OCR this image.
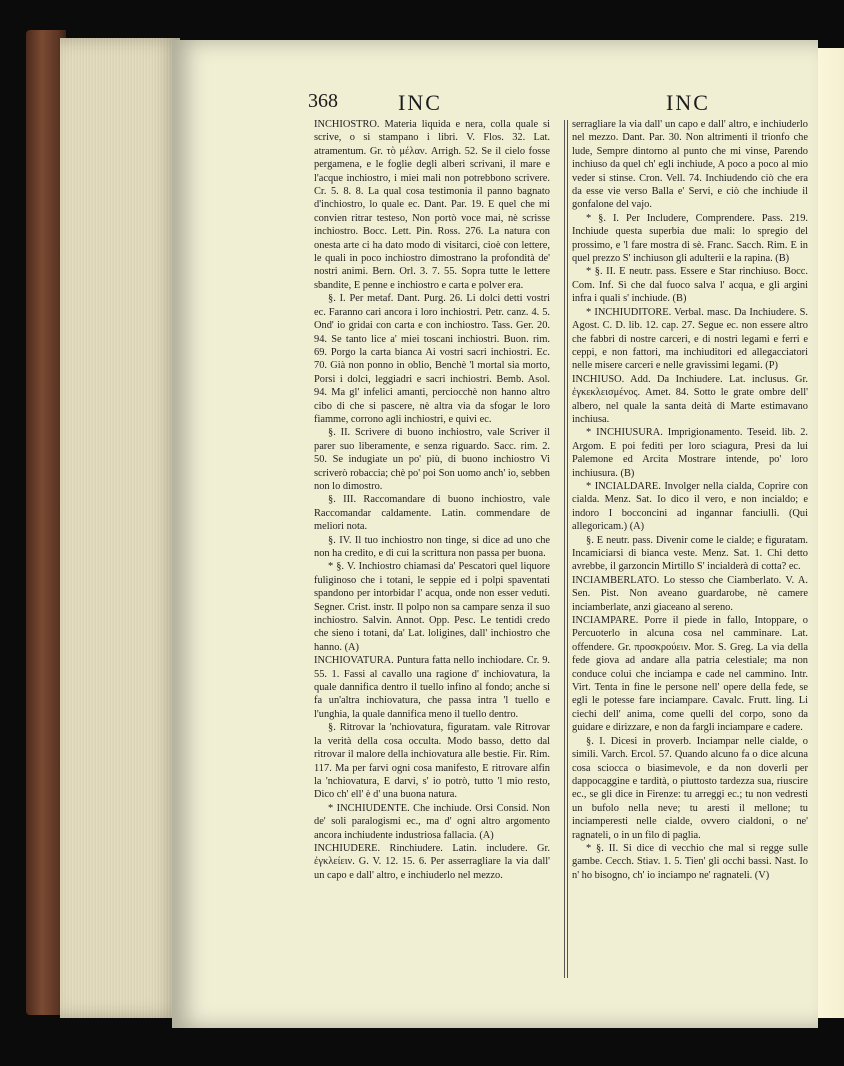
368	INC	INC

INCHIOSTRO. Materia liquida e nera, colla quale si scrive, o si stampano i libri. V. Flos. 32. Lat. atramentum. Gr. τὸ μέλαν. Arrigh. 52. Se il cielo fosse pergamena, e le foglie degli alberi scrivani, il mare e l'acque inchiostro, i miei mali non potrebbono scrivere. Cr. 5. 8. 8. La qual cosa testimonia il panno bagnato d'inchiostro, lo quale ec. Dant. Par. 19. E quel che mi convien ritrar testeso, Non portò voce mai, nè scrisse inchiostro. Bocc. Lett. Pin. Ross. 276. La natura con onesta arte ci ha dato modo di visitarci, cioè con lettere, le quali in poco inchiostro dimostrano la profondità de' nostri animi. Bern. Orl. 3. 7. 55. Sopra tutte le lettere sbandite, E penne e inchiostro e carta e polver era.

§. I. Per metaf. Dant. Purg. 26. Li dolci detti vostri ec. Faranno cari ancora i loro inchiostri. Petr. canz. 4. 5. Ond' io gridai con carta e con inchiostro. Tass. Ger. 20. 94. Se tanto lice a' miei toscani inchiostri. Buon. rim. 69. Porgo la carta bianca Ai vostri sacri inchiostri. Ec. 70. Già non ponno in oblio, Benchè 'l mortal sia morto, Porsi i dolci, leggiadri e sacri inchiostri. Bemb. Asol. 94. Ma gl' infelici amanti, perciocchè non hanno altro cibo di che si pascere, nè altra via da sfogar le loro fiamme, corrono agli inchiostri, e quivi ec.

§. II. Scrivere di buono inchiostro, vale Scriver il parer suo liberamente, e senza riguardo. Sacc. rim. 2. 50. Se indugiate un po' più, di buono inchiostro Vi scriverò robaccia; chè po' poi Son uomo anch' io, sebben non lo dimostro.

§. III. Raccomandare di buono inchiostro, vale Raccomandar caldamente. Latin. commendare de meliori nota.

§. IV. Il tuo inchiostro non tinge, si dice ad uno che non ha credito, e di cui la scrittura non passa per buona.

* §. V. Inchiostro chiamasi da' Pescatori quel liquore fuliginoso che i totani, le seppie ed i polpi spaventati spandono per intorbidar l' acqua, onde non esser veduti. Segner. Crist. instr. Il polpo non sa campare senza il suo inchiostro. Salvin. Annot. Opp. Pesc. Le tentidi credo che sieno i totani, da' Lat. loligines, dall' inchiostro che hanno. (A)

INCHIOVATURA. Puntura fatta nello inchiodare. Cr. 9. 55. 1. Fassi al cavallo una ragione d' inchiovatura, la quale dannifica dentro il tuello infino al fondo; anche si fa un'altra inchiovatura, che passa intra 'l tuello e l'unghia, la quale dannifica meno il tuello dentro.

§. Ritrovar la 'nchiovatura, figuratam. vale Ritrovar la verità della cosa occulta. Modo basso, detto dal ritrovar il malore della inchiovatura alle bestie. Fir. Rim. 117. Ma per farvi ogni cosa manifesto, E ritrovare alfin la 'nchiovatura, E darvi, s' io potrò, tutto 'l mio resto, Dico ch' ell' è d' una buona natura.

* INCHIUDENTE. Che inchiude. Orsi Consid. Non de' soli paralogismi ec., ma d' ogni altro argomento ancora inchiudente industriosa fallacia. (A)

INCHIUDERE. Rinchiudere. Latin. includere. Gr. ἐγκλείειν. G. V. 12. 15. 6. Per asserragliare la via dall' un capo e dall' altro, e inchiuderlo nel mezzo.

serragliare la via dall' un capo e dall' altro, e inchiuderlo nel mezzo. Dant. Par. 30. Non altrimenti il trionfo che lude, Sempre dintorno al punto che mi vinse, Parendo inchiuso da quel ch' egli inchiude, A poco a poco al mio veder si stinse. Cron. Vell. 74. Inchiudendo ciò che era da esse vie verso Balla e' Servi, e ciò che inchiude il gonfalone del vajo.

* §. I. Per Includere, Comprendere. Pass. 219. Inchiude questa superbia due mali: lo spregio del prossimo, e 'l fare mostra di sè. Franc. Sacch. Rim. E in quel prezzo S' inchiuson gli adulterii e la rapina. (B)

* §. II. E neutr. pass. Essere e Star rinchiuso. Bocc. Com. Inf. Sì che dal fuoco salva l' acqua, e gli argini infra i quali s' inchiude. (B)

* INCHIUDITORE. Verbal. masc. Da Inchiudere. S. Agost. C. D. lib. 12. cap. 27. Segue ec. non essere altro che fabbri di nostre carceri, e di nostri legami e ferri e ceppi, e non fattori, ma inchiuditori ed allegacciatori nelle misere carceri e nelle gravissimi legami. (P)

INCHIUSO. Add. Da Inchiudere. Lat. inclusus. Gr. ἐγκεκλεισμένος. Amet. 84. Sotto le grate ombre dell' albero, nel quale la santa deità di Marte estimavano inchiusa.

* INCHIUSURA. Imprigionamento. Teseid. lib. 2. Argom. E poi feditì per loro sciagura, Presi da lui Palemone ed Arcita Mostrare intende, po' loro inchiusura. (B)

* INCIALDARE. Involger nella cialda, Coprire con cialda. Menz. Sat. Io dico il vero, e non incialdo; e indoro I bocconcini ad ingannar fanciulli. (Qui allegoricam.) (A)

§. E neutr. pass. Divenir come le cialde; e figuratam. Incamiciarsi di bianca veste. Menz. Sat. 1. Chi detto avrebbe, il garzoncin Mirtillo S' incialderà di cotta? ec.

INCIAMBERLATO. Lo stesso che Ciamberlato. V. A. Sen. Pist. Non aveano guardarobe, nè camere inciamberlate, anzi giaceano al sereno.

INCIAMPARE. Porre il piede in fallo, Intoppare, o Percuoterlo in alcuna cosa nel camminare. Lat. offendere. Gr. προσκρούειν. Mor. S. Greg. La via della fede giova ad andare alla patria celestiale; ma non conduce colui che inciampa e cade nel cammino. Intr. Virt. Tenta in fine le persone nell' opere della fede, se egli le potesse fare inciampare. Cavalc. Frutt. ling. Li ciechi dell' anima, come quelli del corpo, sono da guidare e dirizzare, e non da fargli inciampare e cadere.

§. I. Dicesi in proverb. Inciampar nelle cialde, o simili. Varch. Ercol. 57. Quando alcuno fa o dice alcuna cosa sciocca o biasimevole, e da non doverli per dappocaggine e tardità, o piuttosto tardezza sua, riuscire ec., se gli dice in Firenze: tu arreggi ec.; tu non vedresti un bufolo nella neve; tu aresti il mellone; tu inciamperesti nelle cialde, ovvero cialdoni, o ne' ragnateli, o in un filo di paglia.

* §. II. Si dice di vecchio che mal si regge sulle gambe. Cecch. Stiav. 1. 5. Tien' gli occhi bassi. Nast. Io n' ho bisogno, ch' io inciampo ne' ragnateli. (V)
